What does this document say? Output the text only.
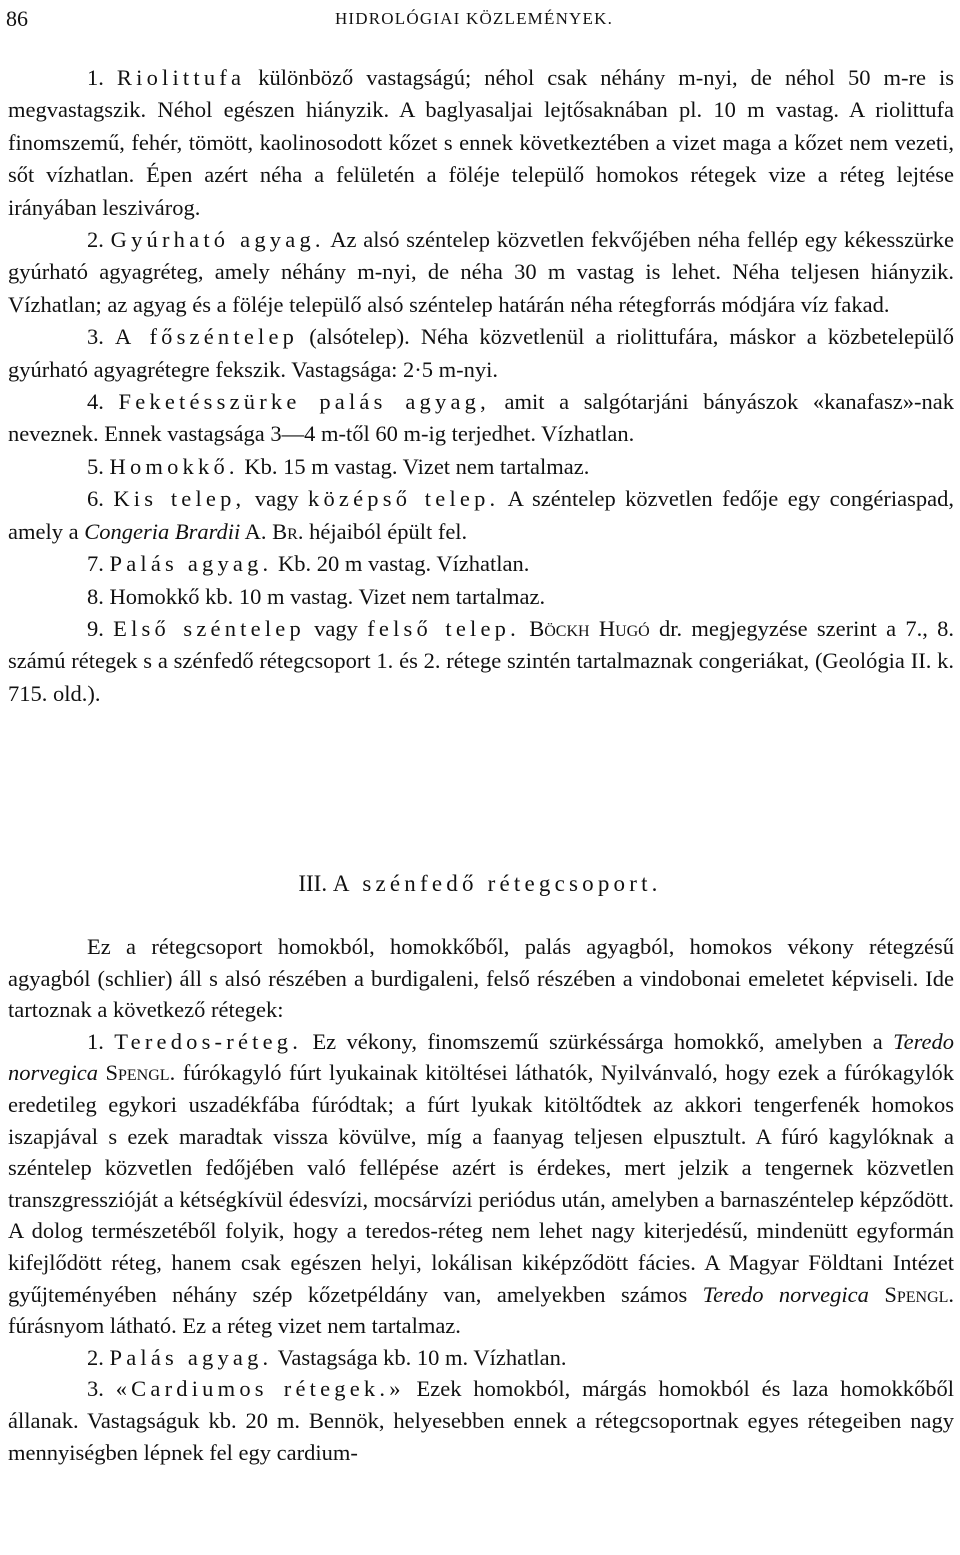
86	HIDROLÓGIAI KÖZLEMÉNYEK.

1. Riolittufa különböző vastagságú; néhol csak néhány m-nyi, de néhol 50 m-re is megvastagszik. Néhol egészen hiányzik. A baglyasaljai lejtősaknában pl. 10 m vastag. A riolittufa finomszemű, fehér, tömött, kaolinosodott kőzet s ennek következtében a vizet maga a kőzet nem vezeti, sőt vízhatlan. Épen azért néha a felületén a föléje települő homokos rétegek vize a réteg lejtése irányában leszivárog.

2. Gyúrható agyag. Az alsó széntelep közvetlen fekvőjében néha fellép egy kékesszürke gyúrható agyagréteg, amely néhány m-nyi, de néha 30 m vastag is lehet. Néha teljesen hiányzik. Vízhatlan; az agyag és a föléje települő alsó széntelep határán néha rétegforrás módjára víz fakad.

3. A főszéntelep (alsótelep). Néha közvetlenül a riolittufára, máskor a közbetelepülő gyúrható agyagrétegre fekszik. Vastagsága: 2·5 m-nyi.

4. Feketésszürke palás agyag, amit a salgótarjáni bányászok «kanafasz»-nak neveznek. Ennek vastagsága 3—4 m-től 60 m-ig terjedhet. Vízhatlan.

5. Homokkő. Kb. 15 m vastag. Vizet nem tartalmaz.

6. Kis telep, vagy középső telep. A széntelep közvetlen fedője egy congériaspad, amely a Congeria Brardii A. Br. héjaiból épült fel.

7. Palás agyag. Kb. 20 m vastag. Vízhatlan.

8. Homokkő kb. 10 m vastag. Vizet nem tartalmaz.

9. Első széntelep vagy felső telep. Böckh Hugó dr. megjegyzése szerint a 7., 8. számú rétegek s a szénfedő rétegcsoport 1. és 2. rétege szintén tartalmaznak congeriákat, (Geológia II. k. 715. old.).

III. A szénfedő rétegcsoport.

Ez a rétegcsoport homokból, homokkőből, palás agyagból, homokos vékony rétegzésű agyagból (schlier) áll s alsó részében a burdigaleni, felső részében a vindobonai emeletet képviseli. Ide tartoznak a következő rétegek:

1. Teredos-réteg. Ez vékony, finomszemű szürkéssárga homokkő, amelyben a Teredo norvegica Spengl. fúrókagyló fúrt lyukainak kitöltései láthatók, Nyilvánvaló, hogy ezek a fúrókagylók eredetileg egykori uszadékfába fúródtak; a fúrt lyukak kitöltődtek az akkori tengerfenék homokos iszapjával s ezek maradtak vissza kövülve, míg a faanyag teljesen elpusztult. A fúró kagylóknak a széntelep közvetlen fedőjében való fellépése azért is érdekes, mert jelzik a tengernek közvetlen transzgresszióját a kétségkívül édesvízi, mocsárvízi periódus után, amelyben a barnaszéntelep képződött. A dolog természetéből folyik, hogy a teredos-réteg nem lehet nagy kiterjedésű, mindenütt egyformán kifejlődött réteg, hanem csak egészen helyi, lokálisan kiképződött fácies. A Magyar Földtani Intézet gyűjteményében néhány szép kőzetpéldány van, amelyekben számos Teredo norvegica Spengl. fúrásnyom látható. Ez a réteg vizet nem tartalmaz.

2. Palás agyag. Vastagsága kb. 10 m. Vízhatlan.

3. «Cardiumos rétegek.» Ezek homokból, márgás homokból és laza homokkőből állanak. Vastagságuk kb. 20 m. Bennök, helyesebben ennek a rétegcsoportnak egyes rétegeiben nagy mennyiségben lépnek fel egy cardium-
